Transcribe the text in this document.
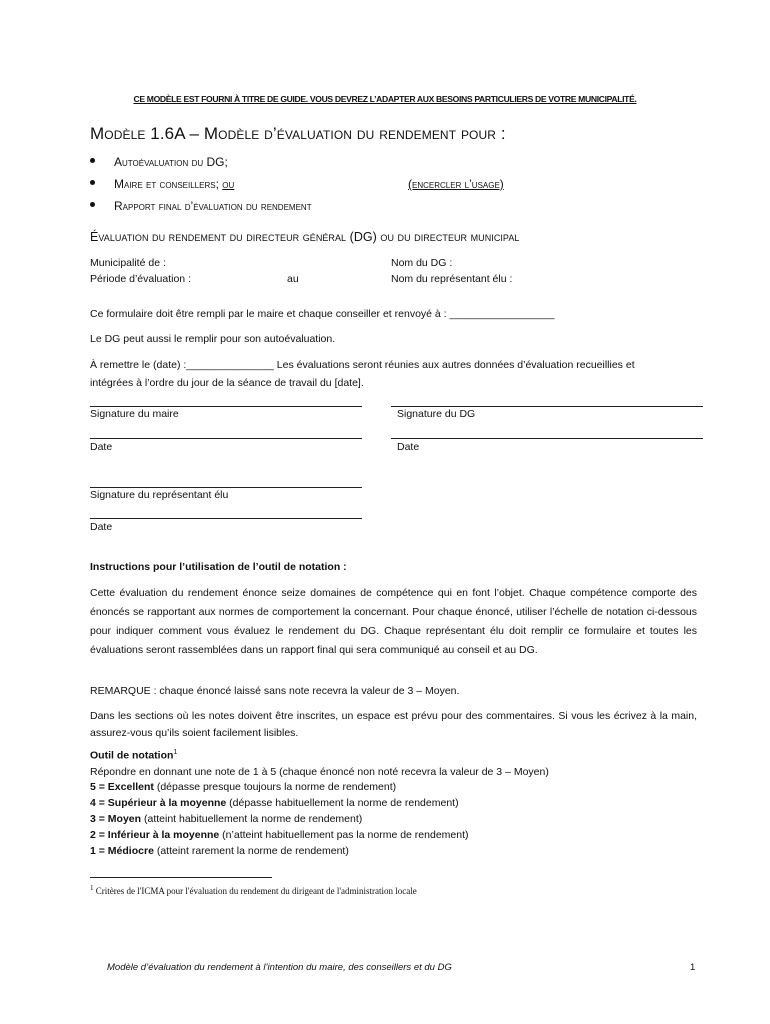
CE MODÈLE EST FOURNI À TITRE DE GUIDE. VOUS DEVREZ L’ADAPTER AUX BESOINS PARTICULIERS DE VOTRE MUNICIPALITÉ.
Modèle 1.6A – Modèle d’évaluation du rendement pour :
Autoévaluation du DG;
Maire et conseillers; ou
Rapport final d’évaluation du rendement
(encercler l’usage)
Évaluation du rendement du directeur général (DG) ou du directeur municipal
Municipalité de :
Période d’évaluation :	au
Nom du DG :
Nom du représentant élu :
Ce formulaire doit être rempli par le maire et chaque conseiller et renvoyé à : __________________
Le DG peut aussi le remplir pour son autoévaluation.
À remettre le (date) :_______________ Les évaluations seront réunies aux autres données d’évaluation recueillies et
intégrées à l’ordre du jour de la séance de travail du [date].
Signature du maire	Signature du DG
Date	Date
Signature du représentant élu
Date
Instructions pour l’utilisation de l’outil de notation :
Cette évaluation du rendement énonce seize domaines de compétence qui en font l’objet. Chaque compétence comporte des énoncés se rapportant aux normes de comportement la concernant. Pour chaque énoncé, utiliser l’échelle de notation ci-dessous pour indiquer comment vous évaluez le rendement du DG. Chaque représentant élu doit remplir ce formulaire et toutes les évaluations seront rassemblées dans un rapport final qui sera communiqué au conseil et au DG.
REMARQUE : chaque énoncé laissé sans note recevra la valeur de 3 – Moyen.
Dans les sections où les notes doivent être inscrites, un espace est prévu pour des commentaires. Si vous les écrivez à la main, assurez-vous qu’ils soient facilement lisibles.
Outil de notation$^1$
Répondre en donnant une note de 1 à 5 (chaque énoncé non noté recevra la valeur de 3 – Moyen)
5 = Excellent (dépasse presque toujours la norme de rendement)
4 = Supérieur à la moyenne (dépasse habituellement la norme de rendement)
3 = Moyen (atteint habituellement la norme de rendement)
2 = Inférieur à la moyenne (n’atteint habituellement pas la norme de rendement)
1 = Médiocre (atteint rarement la norme de rendement)
$^1$ Critères de l'ICMA pour l'évaluation du rendement du dirigeant de l'administration locale
Modèle d’évaluation du rendement à l’intention du maire, des conseillers et du DG	1
